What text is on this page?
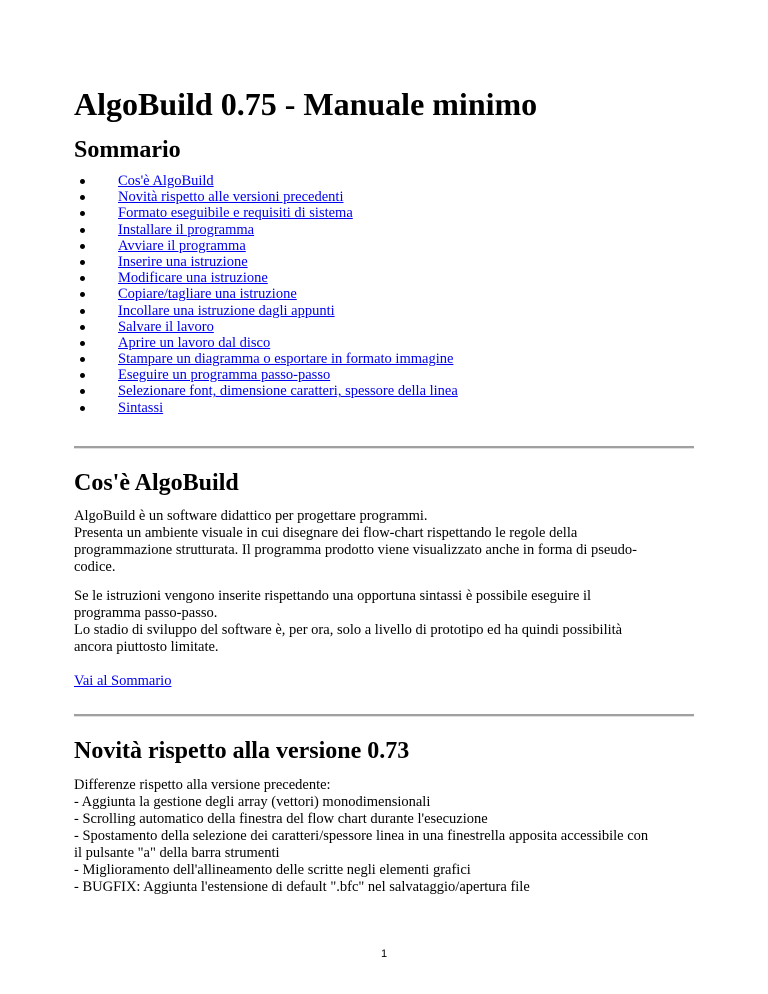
AlgoBuild 0.75 - Manuale minimo
Sommario
Cos'è AlgoBuild
Novità rispetto alle versioni precedenti
Formato eseguibile e requisiti di sistema
Installare il programma
Avviare il programma
Inserire una istruzione
Modificare una istruzione
Copiare/tagliare una istruzione
Incollare una istruzione dagli appunti
Salvare il lavoro
Aprire un lavoro dal disco
Stampare un diagramma o esportare in formato immagine
Eseguire un programma passo-passo
Selezionare font, dimensione caratteri, spessore della linea
Sintassi
Cos'è AlgoBuild
AlgoBuild è un software didattico per progettare programmi.
Presenta un ambiente visuale in cui disegnare dei flow-chart rispettando le regole della
programmazione strutturata. Il programma prodotto viene visualizzato anche in forma di pseudo-
codice.
Se le istruzioni vengono inserite rispettando una opportuna sintassi è possibile eseguire il
programma passo-passo.
Lo stadio di sviluppo del software è, per ora, solo a livello di prototipo ed ha quindi possibilità
ancora piuttosto limitate.
Vai al Sommario
Novità rispetto alla versione 0.73
Differenze rispetto alla versione precedente:
- Aggiunta la gestione degli array (vettori) monodimensionali
- Scrolling automatico della finestra del flow chart durante l'esecuzione
- Spostamento della selezione dei caratteri/spessore linea in una finestrella apposita accessibile con
il pulsante "a" della barra strumenti
- Miglioramento dell'allineamento delle scritte negli elementi grafici
- BUGFIX: Aggiunta l'estensione di default ".bfc" nel salvataggio/apertura file
1
